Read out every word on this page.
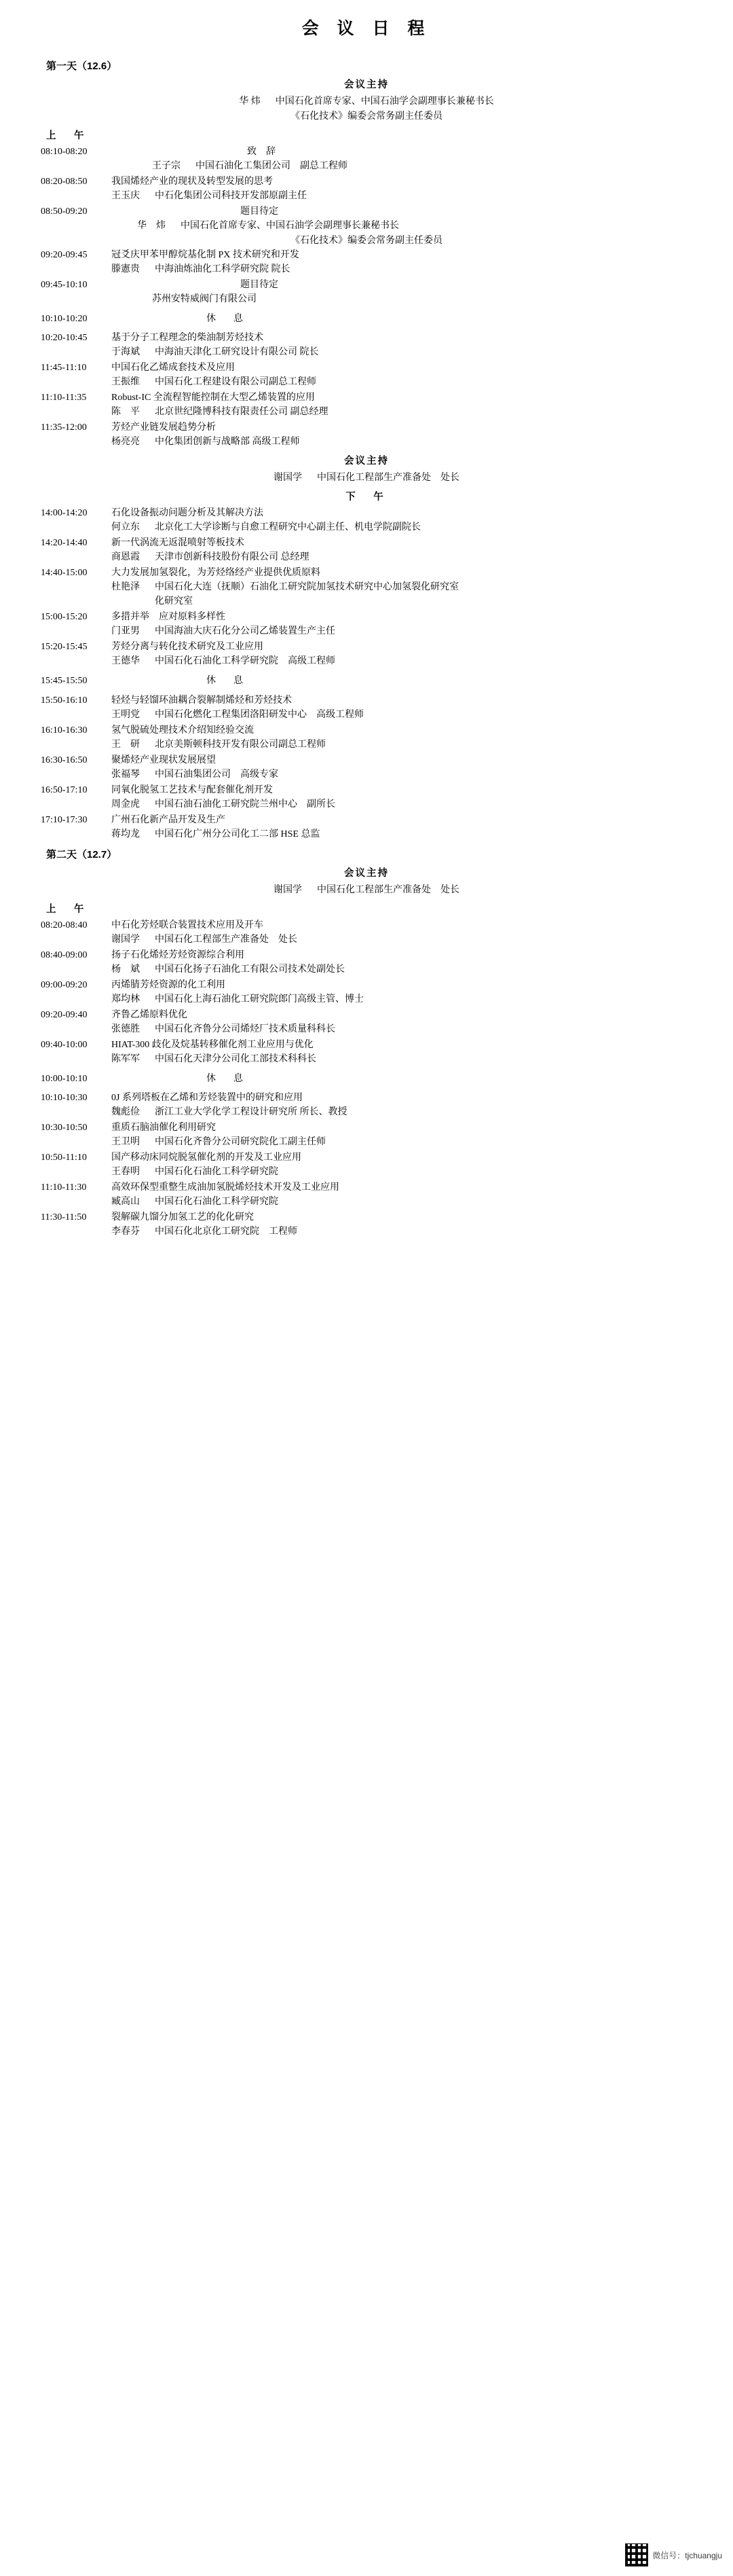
会 议 日 程
第一天（12.6）
会议主持
华 炜 中国石化首席专家、中国石油学会副理事长兼秘书长
《石化技术》编委会常务副主任委员
上　午
08:10-08:20	致　辞
王子宗 中国石油化工集团公司　副总工程师
08:20-08:50	我国烯烃产业的现状及转型发展的思考
王玉庆 中石化集团公司科技开发部原副主任
08:50-09:20	题目待定
华　炜 中国石化首席专家、中国石油学会副理事长兼秘书长
《石化技术》编委会常务副主任委员
09:20-09:45	冠爻庆甲苯甲醇烷基化制 PX 技术研究和开发
滕憲贵 中海油炼油化工科学研究院 院长
09:45-10:10	题目待定
苏州安特威阀门有限公司
10:10-10:20	休　息
10:20-10:45	基于分子工程理念的柴油制芳烃技术
于海斌 中海油天津化工研究设计有限公司 院长
11:45-11:10	中国石化乙烯成套技术及应用
王振维 中国石化工程建设有限公司副总工程师
11:10-11:35	Robust-IC 全流程智能控制在大型乙烯装置的应用
陈　平 北京世纪隆博科技有限责任公司 副总经理
11:35-12:00	芳烃产业链发展趋势分析
杨亮亮 中化集团创新与战略部 高级工程师
会议主持
谢国学 中国石化工程部生产准备处　处长
下　午
14:00-14:20	石化设备振动问题分析及其解决方法
何立东 北京化工大学诊断与自愈工程研究中心副主任、机电学院副院长
14:20-14:40	新一代涡流无返混喷射等板技术
商恩霞 天津市创新科技股份有限公司 总经理
14:40-15:00	大力发展加氢裂化，为芳烃络经产业提供优质原料
杜艳泽 中国石化大连（抚顺）石油化工研究院加氢技术研究中心加氢裂化研究室
化研究室
15:00-15:20	多措并举　应对原料多样性
门亚男 中国海油大庆石化分公司乙烯装置生产主任
15:20-15:45	芳烃分离与转化技术研究及工业应用
王德华 中国石化石油化工科学研究院　高级工程师
15:45-15:50	休　息
15:50-16:10	轻烃与轻馏环油耦合裂解制烯烃和芳烃技术
王明党 中国石化燃化工程集团洛阳研发中心　高级工程师
16:10-16:30	氢气脱硫处理技术介绍知经验交流
王　研 北京美斯顿科技开发有限公司副总工程师
16:30-16:50	聚烯烃产业现状发展展望
张福琴 中国石油集团公司　高级专家
16:50-17:10	同氧化脱氢工艺技术与配套催化剂开发
周金虎 中国石油石油化工研究院兰州中心　副所长
17:10-17:30	广州石化新产品开发及生产
蒋均龙 中国石化广州分公司化工二部 HSE 总监
第二天（12.7）
会议主持
谢国学 中国石化工程部生产准备处　处长
上　午
08:20-08:40	中石化芳烃联合装置技术应用及开车
谢国学 中国石化工程部生产准备处　处长
08:40-09:00	扬子石化烯烃芳烃资源综合利用
杨　斌 中国石化扬子石油化工有限公司技术处副处长
09:00-09:20	丙烯腈芳烃资源的化工利用
郑均林 中国石化上海石油化工研究院郎门高级主管、博士
09:20-09:40	齐鲁乙烯原料优化
张德胜 中国石化齐鲁分公司烯烃厂技术质量科科长
09:40-10:00	HIAT-300 歧化及烷基转移催化剂工业应用与优化
陈军军 中国石化天津分公司化工部技术科科长
10:00-10:10	休　息
10:10-10:30	0J 系列塔板在乙烯和芳烃装置中的研究和应用
魏彪俭 浙江工业大学化学工程设计研究所 所长、教授
10:30-10:50	重质石脑油催化利用研究
王卫明 中国石化齐鲁分公司研究院化工副主任师
10:50-11:10	国产移动床同烷脱氢催化剂的开发及工业应用
王春明 中国石化石油化工科学研究院
11:10-11:30	高效环保型重整生成油加氢脱烯烃技术开发及工业应用
臧高山 中国石化石油化工科学研究院
11:30-11:50	裂解碳九馏分加氢工艺的化化研究
李春芬 中国石化北京化工研究院　工程师
微信号：tjchuangju
